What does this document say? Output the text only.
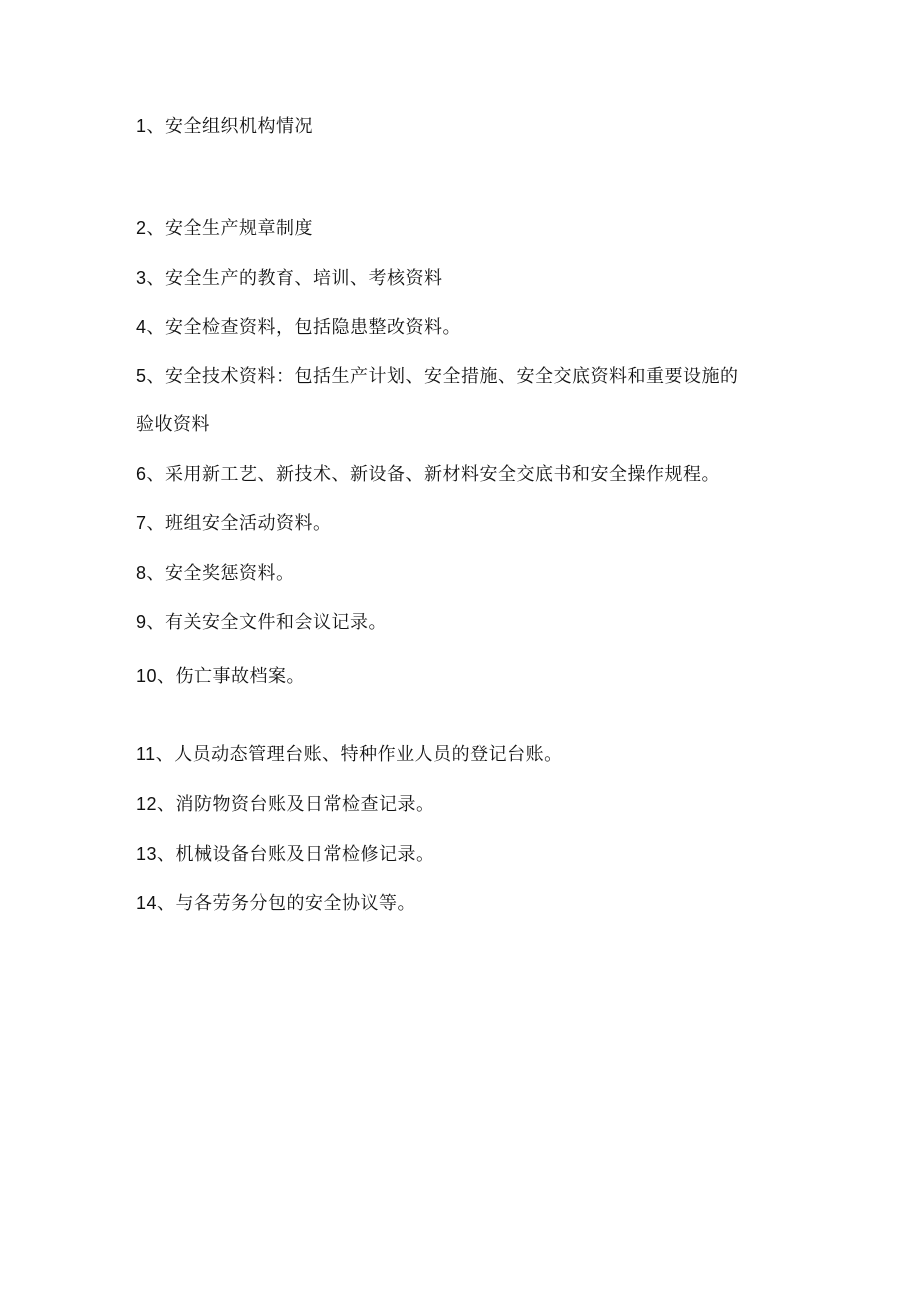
1、安全组织机构情况
2、安全生产规章制度
3、安全生产的教育、培训、考核资料
4、安全检查资料，包括隐患整改资料。
5、安全技术资料：包括生产计划、安全措施、安全交底资料和重要设施的
验收资料
6、采用新工艺、新技术、新设备、新材料安全交底书和安全操作规程。
7、班组安全活动资料。
8、安全奖惩资料。
9、有关安全文件和会议记录。
10、伤亡事故档案。
11、人员动态管理台账、特种作业人员的登记台账。
12、消防物资台账及日常检查记录。
13、机械设备台账及日常检修记录。
14、与各劳务分包的安全协议等。
